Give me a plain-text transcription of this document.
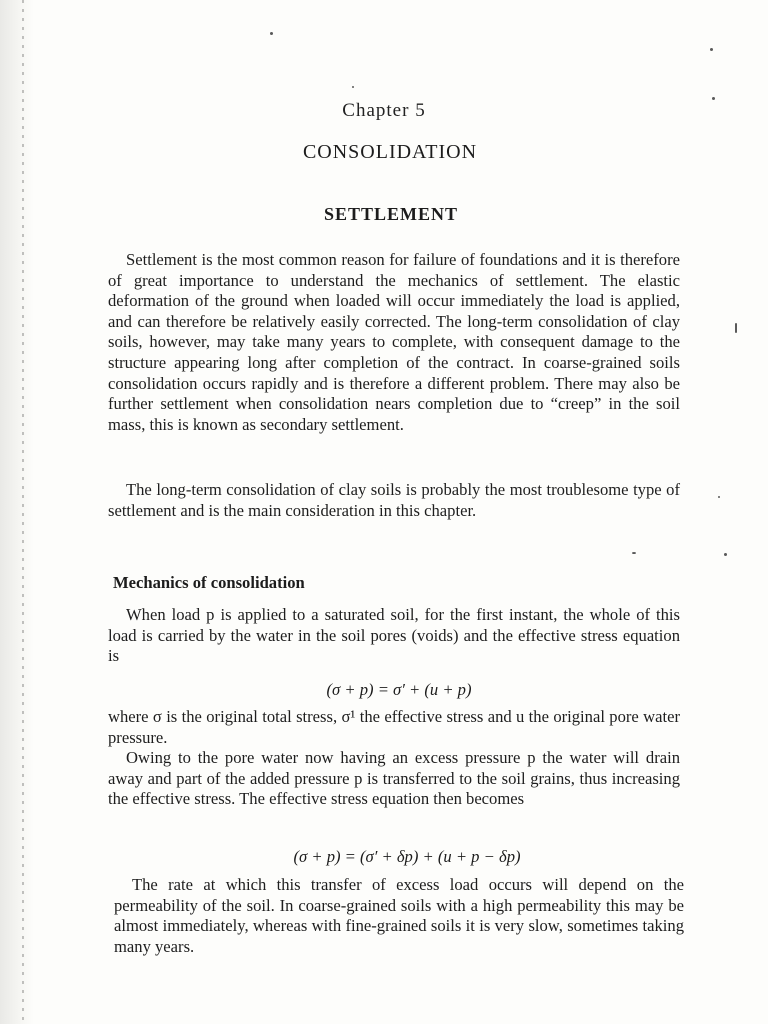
Chapter 5
CONSOLIDATION
SETTLEMENT

Settlement is the most common reason for failure of foundations and it is therefore of great importance to understand the mechanics of settlement. The elastic deformation of the ground when loaded will occur immediately the load is applied, and can therefore be relatively easily corrected. The long-term consolidation of clay soils, however, may take many years to complete, with consequent damage to the structure appearing long after completion of the contract. In coarse-grained soils consolidation occurs rapidly and is therefore a different problem. There may also be further settlement when consolidation nears completion due to “creep” in the soil mass, this is known as secondary settlement.

The long-term consolidation of clay soils is probably the most troublesome type of settlement and is the main consideration in this chapter.

Mechanics of consolidation

When load p is applied to a saturated soil, for the first instant, the whole of this load is carried by the water in the soil pores (voids) and the effective stress equation is

(σ + p) = σ′ + (u + p)

where σ is the original total stress, σ¹ the effective stress and u the original pore water pressure.

Owing to the pore water now having an excess pressure p the water will drain away and part of the added pressure p is transferred to the soil grains, thus increasing the effective stress. The effective stress equation then becomes

(σ + p) = (σ′ + δp) + (u + p − δp)

The rate at which this transfer of excess load occurs will depend on the permeability of the soil. In coarse-grained soils with a high permeability this may be almost immediately, whereas with fine-grained soils it is very slow, sometimes taking many years.
